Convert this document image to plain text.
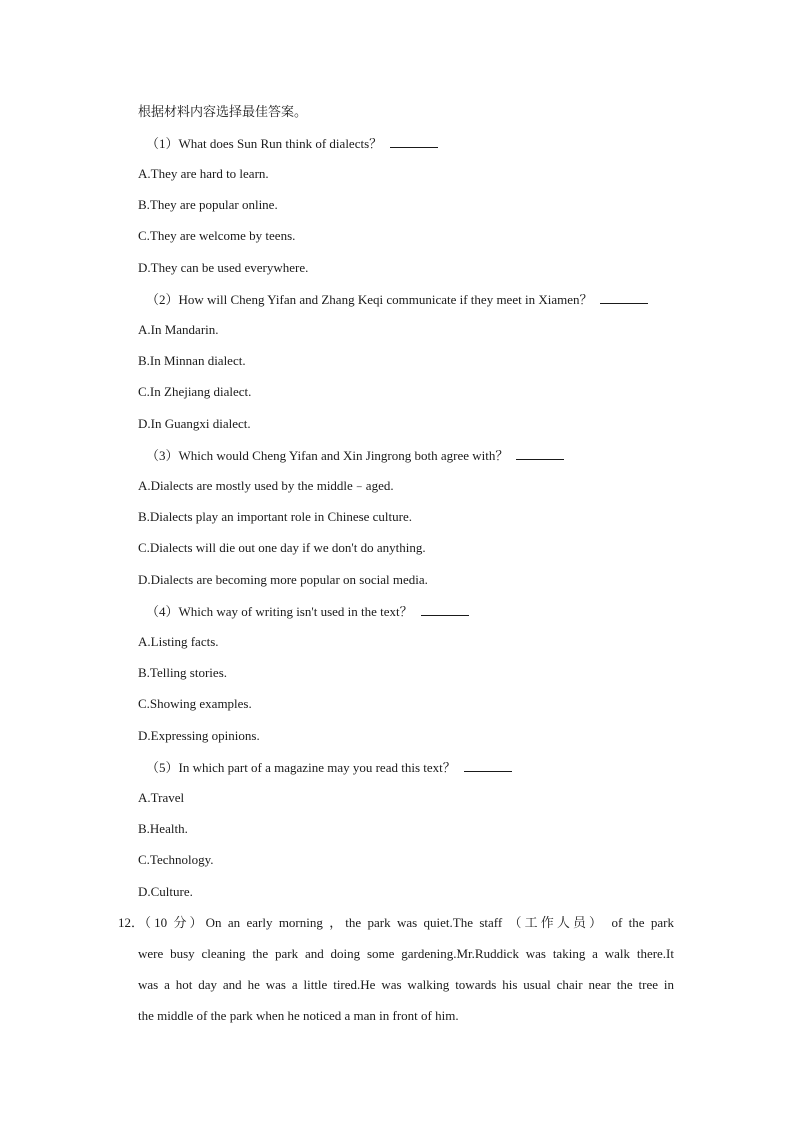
根据材料内容选择最佳答案。
（1）What does Sun Run think of dialects？
A.They are hard to learn.
B.They are popular online.
C.They are welcome by teens.
D.They can be used everywhere.
（2）How will Cheng Yifan and Zhang Keqi communicate if they meet in Xiamen？
A.In Mandarin.
B.In Minnan dialect.
C.In Zhejiang dialect.
D.In Guangxi dialect.
（3）Which would Cheng Yifan and Xin Jingrong both agree with？
A.Dialects are mostly used by the middle﹣aged.
B.Dialects play an important role in Chinese culture.
C.Dialects will die out one day if we don't do anything.
D.Dialects are becoming more popular on social media.
（4）Which way of writing isn't used in the text？
A.Listing facts.
B.Telling stories.
C.Showing examples.
D.Expressing opinions.
（5）In which part of a magazine may you read this text？
A.Travel
B.Health.
C.Technology.
D.Culture.
12．
（10 分）On an early morning ，the park was quiet.The staff （工作人员） of the park
were busy cleaning the park and doing some gardening.Mr.Ruddick was taking a walk there.It
was a hot day and he was a little tired.He was walking towards his usual chair near the tree in
the middle of the park when he noticed a man in front of him.
